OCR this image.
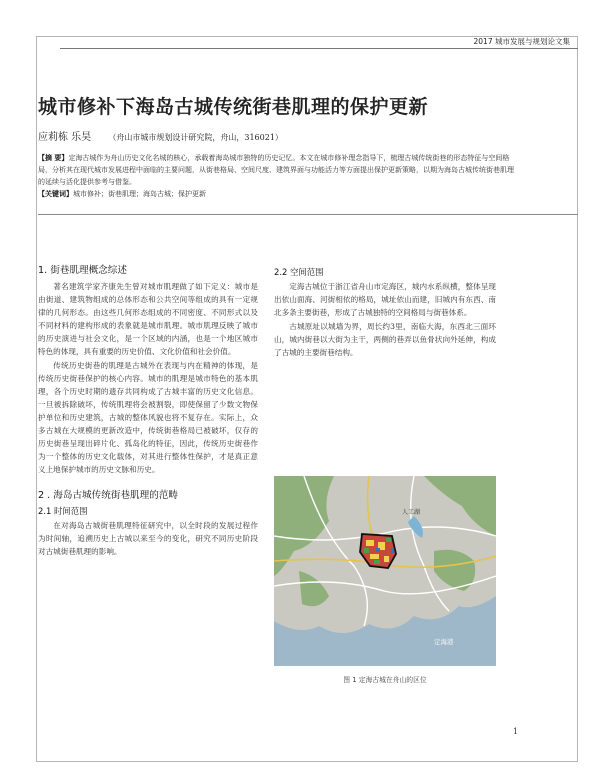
2017 城市发展与规划论文集
城市修补下海岛古城传统街巷肌理的保护更新
应莉栋 乐昊 （舟山市城市规划设计研究院，舟山，316021）
【摘 要】定海古城作为舟山历史文化名城的核心，承载着海岛城市独特的历史记忆。本文在城市修补理念指导下，梳理古城传统街巷的形态特征与空间格局，分析其在现代城市发展进程中面临的主要问题，从街巷格局、空间尺度、建筑界面与功能活力等方面提出保护更新策略，以期为海岛古城传统街巷肌理的延续与活化提供参考与借鉴。
【关键词】城市修补；街巷肌理；海岛古城；保护更新
1. 街巷肌理概念综述

著名建筑学家齐康先生曾对城市肌理做了如下定义：城市是由街道、建筑物组成的总体形态和公共空间等组成的具有一定规律的几何形态。由这些几何形态组成的不同密度、不同形式以及不同材料的建构形成的表象就是城市肌理。城市肌理反映了城市的历史演进与社会文化，是一个区域的内涵，也是一个地区城市特色的体现，具有重要的历史价值、文化价值和社会价值。

传统历史街巷的肌理是古城外在表现与内在精神的体现，是传统历史街巷保护的核心内容。城市的肌理是城市特色的基本肌理，各个历史时期的遗存共同构成了古城丰富的历史文化信息。一旦被拆除破坏，传统肌理将会被割裂，即使保留了少数文物保护单位和历史建筑，古城的整体风貌也将不复存在。实际上，众多古城在大规模的更新改造中，传统街巷格局已被破坏，仅存的历史街巷呈现出碎片化、孤岛化的特征，因此，传统历史街巷作为一个整体的历史文化载体，对其进行整体性保护，才是真正意义上地保护城市的历史文脉和历史。

2 . 海岛古城传统街巷肌理的范畴
2.1 时间范围

在对海岛古城街巷肌理特征研究中，以全时段的发展过程作为时间轴，追溯历史上古城以来至今的变化，研究不同历史阶段对古城街巷肌理的影响。

2.2 空间范围

定海古城位于浙江省舟山市定海区，城内水系纵横，整体呈现出依山面海、河街相依的格局，城址依山而建，旧城内有东西、南北多条主要街巷，形成了古城独特的空间格局与街巷体系。

古城原址以城墙为界，周长约3里，南临大海，东西北三面环山，城内街巷以大街为主干，两侧的巷弄以鱼骨状向外延伸，构成了古城的主要街巷结构。

人工湖
定海港
图 1 定海古城在舟山的区位
1
